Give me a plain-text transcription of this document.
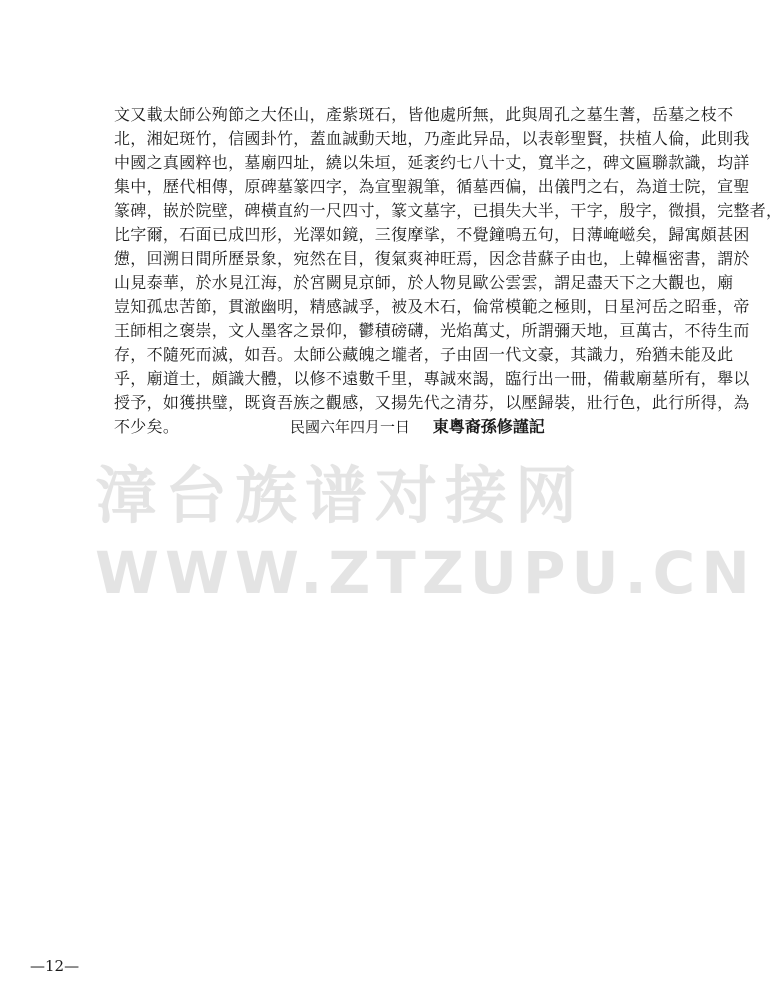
文又載太師公殉節之大伾山，產紫斑石，皆他處所無，此與周孔之墓生蓍，岳墓之枝不
北，湘妃斑竹，信國卦竹，蓋血誠動天地，乃產此异品，以表彰聖賢，扶植人倫，此則我
中國之真國粹也，墓廟四址，繞以朱垣，延袤约七八十丈，寬半之，碑文匾聯款識，均詳
集中，歷代相傳，原碑墓篆四字，為宣聖親筆，循墓西偏，出儀門之右，為道士院，宣聖
篆碑，嵌於院壁，碑橫直約一尺四寸，篆文墓字，已損失大半，干字，殷字，微損，完整者，
比字爾，石面已成凹形，光澤如鏡，三復摩挲，不覺鐘鳴五句，日薄崦嵫矣，歸寓頗甚困
憊，回溯日間所歷景象，宛然在目，復氣爽神旺焉，因念昔蘇子由也，上韓樞密書，謂於
山見泰華，於水見江海，於宮闕見京師，於人物見歐公雲雲，謂足盡天下之大觀也，廟
豈知孤忠苦節，貫澈幽明，精感誠孚，被及木石，倫常模範之極則，日星河岳之昭垂，帝
王師相之褒崇，文人墨客之景仰，鬱積磅礴，光焰萬丈，所謂彌天地，亘萬古，不待生而
存，不隨死而滅，如吾。太師公藏魄之壠者，子由固一代文豪，其識力，殆猶未能及此
乎，廟道士，頗識大體，以修不遠數千里，專誠來謁，臨行出一冊，備載廟墓所有，舉以
授予，如獲拱璧，既資吾族之觀感，又揚先代之清芬，以壓歸裝，壯行色，此行所得，為
不少矣。	民國六年四月一日 東粵裔孫修謹記
漳台族谱对接网
WWW.ZTZUPU.CN
—12—
